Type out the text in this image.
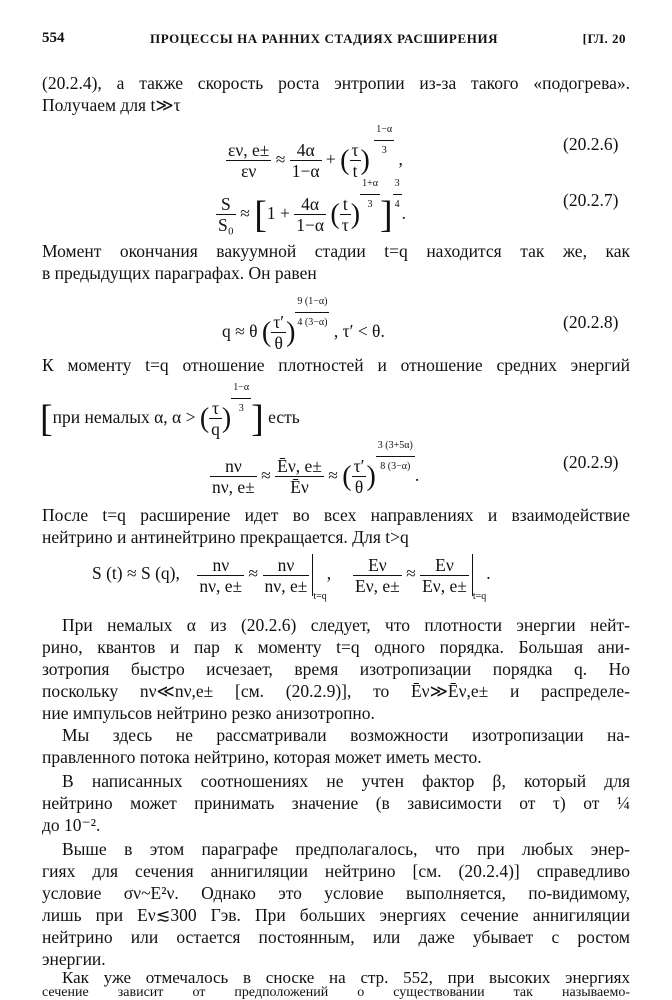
554	ПРОЦЕССЫ НА РАННИХ СТАДИЯХ РАСШИРЕНИЯ	[ГЛ. 20
(20.2.4), а также скорость роста энтропии из-за такого «подогрева».
Получаем для t≫τ
$\frac{\varepsilon\nu, e\pm}{\varepsilon\nu} \approx \frac{4\alpha}{1-\alpha}$ + ( $\frac{\tau}{t}$ ) $\frac{1-\alpha}{3}$ ,
(20.2.6)
$\frac{S}{\text{S₀}} \approx [1 + \frac{4\alpha}{1-\alpha}$ ( $\frac{t}{\tau}$ ) $\frac{1+\alpha}{3}$ ] $\frac{3}{4}$ .
(20.2.7)
Момент окончания вакуумной стадии t=q находится так же, как
в предыдущих параграфах. Он равен
q ≈ θ ( $\frac{\tau'}{\theta}$ ) $\frac{9 (1-\alpha)}{4 (3-\alpha)}$ , τ′ < θ.	(20.2.8)
К моменту t=q отношение плотностей и отношение средних энергий
[при немалых α, α > ( $\frac{\tau}{q}$ ) $\frac{1-\alpha}{3}$ ] есть
$\frac{n\nu}{n\nu, e\pm} \approx \frac{Ē\nu, e\pm}{Ē\nu}$ ≈ ( $\frac{\tau'}{\theta}$ ) $\frac{3 (3+5\alpha)}{8 (3-\alpha)}$ .
(20.2.9)
После t=q расширение идет во всех направлениях и взаимодействие
нейтрино и антинейтрино прекращается. Для t>q
S (t) ≈ S (q), $\frac{n\nu}{n\nu, e\pm} \approx \frac{n\nu}{n\nu, e\pm}$
t=q, $\frac{E\nu}{E\nu, e\pm} \approx \frac{E\nu}{E\nu, e\pm}$
t=q.
При немалых α из (20.2.6) следует, что плотности энергии нейт-
рино, квантов и пар к моменту t=q одного порядка. Большая ани-
зотропия быстро исчезает, время изотропизации порядка q. Но
поскольку nν≪nν,e± [см. (20.2.9)], то Ēν≫Ēν,e± и распределе-
ние импульсов нейтрино резко анизотропно.
Мы здесь не рассматривали возможности изотропизации на-
правленного потока нейтрино, которая может иметь место.
В написанных соотношениях не учтен фактор β, который для
нейтрино может принимать значение (в зависимости от τ) от ¼
до 10⁻².
Выше в этом параграфе предполагалось, что при любых энер-
гиях для сечения аннигиляции нейтрино [см. (20.2.4)] справедливо
условие σν~E²ν. Однако это условие выполняется, по-видимому,
лишь при Eν≲300 Гэв. При больших энергиях сечение аннигиляции
нейтрино или остается постоянным, или даже убывает с ростом
энергии.
Как уже отмечалось в сноске на стр. 552, при высоких энергиях
сечение зависит от предположений о существовании так называемо-
